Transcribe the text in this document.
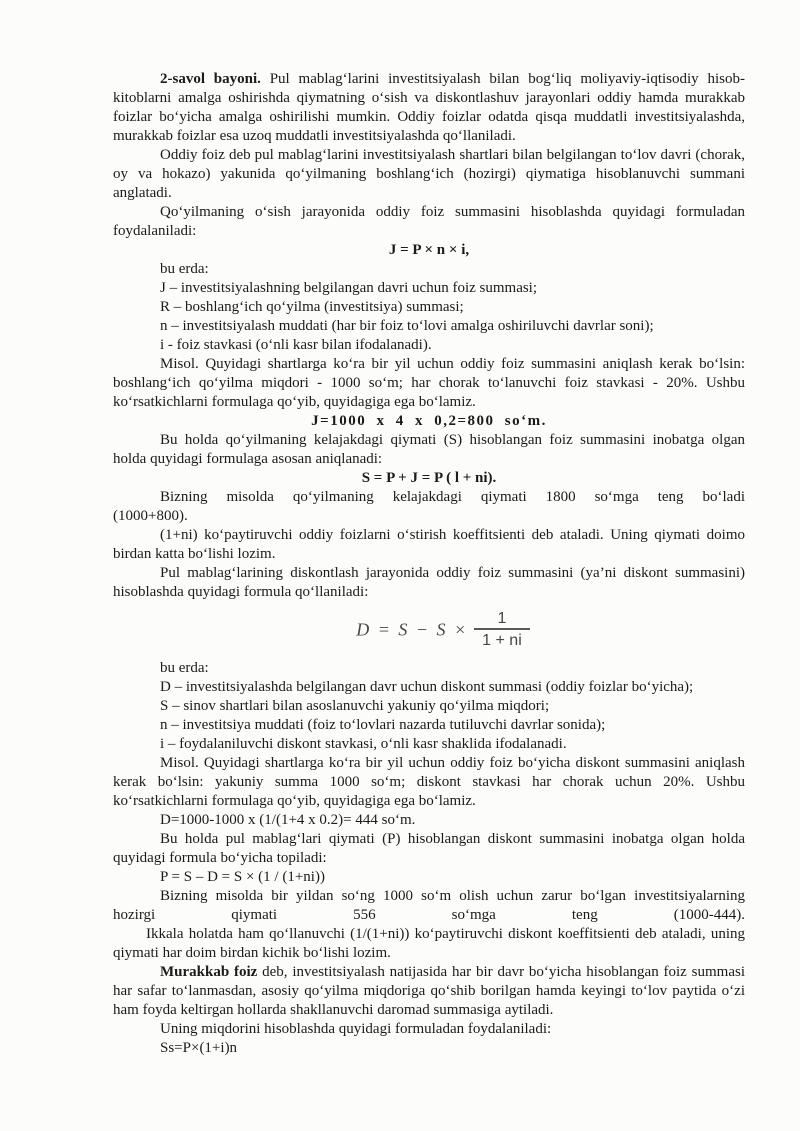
2-savol bayoni. Pul mablag‘larini investitsiyalash bilan bog‘liq moliyaviy-iqtisodiy hisob-kitoblarni amalga oshirishda qiymatning o‘sish va diskontlashuv jarayonlari oddiy hamda murakkab foizlar bo‘yicha amalga oshirilishi mumkin. Oddiy foizlar odatda qisqa muddatli investitsiyalashda, murakkab foizlar esa uzoq muddatli investitsiyalashda qo‘llaniladi.

Oddiy foiz deb pul mablag‘larini investitsiyalash shartlari bilan belgilangan to‘lov davri (chorak, oy va hokazo) yakunida qo‘yilmaning boshlang‘ich (hozirgi) qiymatiga hisoblanuvchi summani anglatadi.

Qo‘yilmaning o‘sish jarayonida oddiy foiz summasini hisoblashda quyidagi formuladan foydalaniladi:

J = P × n × i,

bu erda:

J – investitsiyalashning belgilangan davri uchun foiz summasi;

R – boshlang‘ich qo‘yilma (investitsiya) summasi;

n – investitsiyalash muddati (har bir foiz to‘lovi amalga oshiriluvchi davrlar soni);

i - foiz stavkasi (o‘nli kasr bilan ifodalanadi).

Misol. Quyidagi shartlarga ko‘ra bir yil uchun oddiy foiz summasini aniqlash kerak bo‘lsin: boshlang‘ich qo‘yilma miqdori - 1000 so‘m; har chorak to‘lanuvchi foiz stavkasi - 20%. Ushbu ko‘rsatkichlarni formulaga qo‘yib, quyidagiga ega bo‘lamiz.

J=1000 x 4 x 0,2=800 so‘m.

Bu holda qo‘yilmaning kelajakdagi qiymati (S) hisoblangan foiz summasini inobatga olgan holda quyidagi formulaga asosan aniqlanadi:

S = P + J = P ( l + ni).

Bizning misolda qo‘yilmaning kelajakdagi qiymati 1800 so‘mga teng bo‘ladi
(1000+800).

(1+ni) ko‘paytiruvchi oddiy foizlarni o‘stirish koeffitsienti deb ataladi. Uning qiymati doimo birdan katta bo‘lishi lozim.

Pul mablag‘larining diskontlash jarayonida oddiy foiz summasini (ya’ni diskont summasini) hisoblashda quyidagi formula qo‘llaniladi:

$D = S - S \times \frac{1}{1 + ni}$

bu erda:

D – investitsiyalashda belgilangan davr uchun diskont summasi (oddiy foizlar bo‘yicha);

S – sinov shartlari bilan asoslanuvchi yakuniy qo‘yilma miqdori;

n – investitsiya muddati (foiz to‘lovlari nazarda tutiluvchi davrlar sonida);

i – foydalaniluvchi diskont stavkasi, o‘nli kasr shaklida ifodalanadi.

Misol. Quyidagi shartlarga ko‘ra bir yil uchun oddiy foiz bo‘yicha diskont summasini aniqlash kerak bo‘lsin: yakuniy summa 1000 so‘m; diskont stavkasi har chorak uchun 20%. Ushbu ko‘rsatkichlarni formulaga qo‘yib, quyidagiga ega bo‘lamiz.

D=1000-1000 x (1/(1+4 x 0.2)= 444 so‘m.

Bu holda pul mablag‘lari qiymati (P) hisoblangan diskont summasini inobatga olgan holda quyidagi formula bo‘yicha topiladi:

P = S – D = S × (1 / (1+ni))

Bizning misolda bir yildan so‘ng 1000 so‘m olish uchun zarur bo‘lgan investitsiyalarning
hozirgi qiymati 556 so‘mga teng (1000-444).

Ikkala holatda ham qo‘llanuvchi (1/(1+ni)) ko‘paytiruvchi diskont koeffitsienti deb ataladi, uning qiymati har doim birdan kichik bo‘lishi lozim.

Murakkab foiz deb, investitsiyalash natijasida har bir davr bo‘yicha hisoblangan foiz summasi har safar to‘lanmasdan, asosiy qo‘yilma miqdoriga qo‘shib borilgan hamda keyingi to‘lov paytida o‘zi ham foyda keltirgan hollarda shakllanuvchi daromad summasiga aytiladi.

Uning miqdorini hisoblashda quyidagi formuladan foydalaniladi:

Ss=P×(1+i)n
